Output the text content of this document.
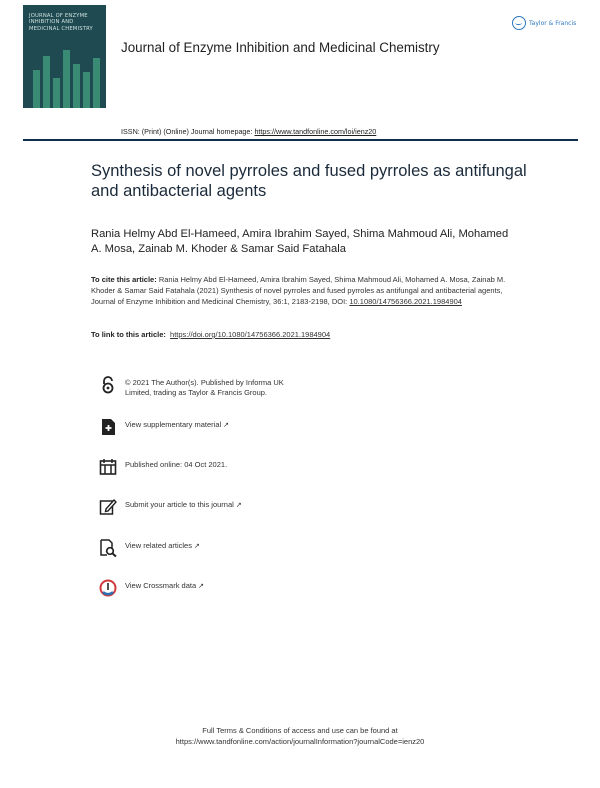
JOURNAL OF ENZYME INHIBITION AND MEDICINAL CHEMISTRY
Taylor & Francis
Journal of Enzyme Inhibition and Medicinal Chemistry
ISSN: (Print) (Online) Journal homepage: https://www.tandfonline.com/loi/ienz20
Synthesis of novel pyrroles and fused pyrroles as antifungal and antibacterial agents
Rania Helmy Abd El-Hameed, Amira Ibrahim Sayed, Shima Mahmoud Ali, Mohamed A. Mosa, Zainab M. Khoder & Samar Said Fatahala
To cite this article: Rania Helmy Abd El-Hameed, Amira Ibrahim Sayed, Shima Mahmoud Ali, Mohamed A. Mosa, Zainab M. Khoder & Samar Said Fatahala (2021) Synthesis of novel pyrroles and fused pyrroles as antifungal and antibacterial agents, Journal of Enzyme Inhibition and Medicinal Chemistry, 36:1, 2183-2198, DOI: 10.1080/14756366.2021.1984904
To link to this article: https://doi.org/10.1080/14756366.2021.1984904
© 2021 The Author(s). Published by Informa UK Limited, trading as Taylor & Francis Group.
View supplementary material ↗
Published online: 04 Oct 2021.
Submit your article to this journal ↗
View related articles ↗
View Crossmark data ↗
Full Terms & Conditions of access and use can be found at
https://www.tandfonline.com/action/journalInformation?journalCode=ienz20
